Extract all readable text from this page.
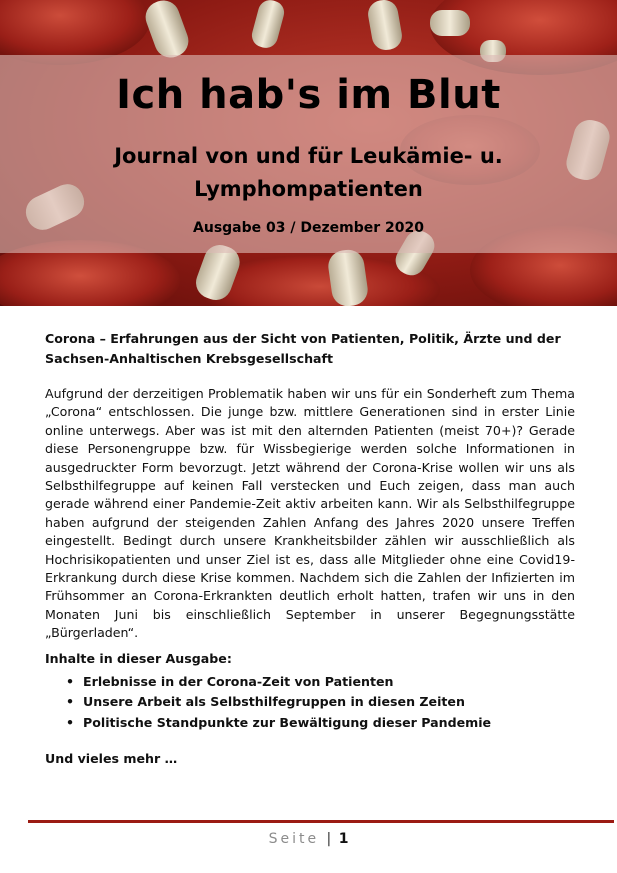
Ich hab's im Blut
Journal von und für Leukämie- u. Lymphompatienten
Ausgabe 03 / Dezember 2020

Corona – Erfahrungen aus der Sicht von Patienten, Politik, Ärzte und der Sachsen-Anhaltischen Krebsgesellschaft

Aufgrund der derzeitigen Problematik haben wir uns für ein Sonderheft zum Thema „Corona“ entschlossen. Die junge bzw. mittlere Generationen sind in erster Linie online unterwegs. Aber was ist mit den alternden Patienten (meist 70+)? Gerade diese Personengruppe bzw. für Wissbegierige werden solche Informationen in ausgedruckter Form bevorzugt. Jetzt während der Corona-Krise wollen wir uns als Selbsthilfegruppe auf keinen Fall verstecken und Euch zeigen, dass man auch gerade während einer Pandemie-Zeit aktiv arbeiten kann. Wir als Selbsthilfegruppe haben aufgrund der steigenden Zahlen Anfang des Jahres 2020 unsere Treffen eingestellt. Bedingt durch unsere Krankheitsbilder zählen wir ausschließlich als Hochrisikopatienten und unser Ziel ist es, dass alle Mitglieder ohne eine Covid19-Erkrankung durch diese Krise kommen. Nachdem sich die Zahlen der Infizierten im Frühsommer an Corona-Erkrankten deutlich erholt hatten, trafen wir uns in den Monaten Juni bis einschließlich September in unserer Begegnungsstätte „Bürgerladen“.

Inhalte in dieser Ausgabe:
• Erlebnisse in der Corona-Zeit von Patienten
• Unsere Arbeit als Selbsthilfegruppen in diesen Zeiten
• Politische Standpunkte zur Bewältigung dieser Pandemie
Und vieles mehr …
Seite | 1
